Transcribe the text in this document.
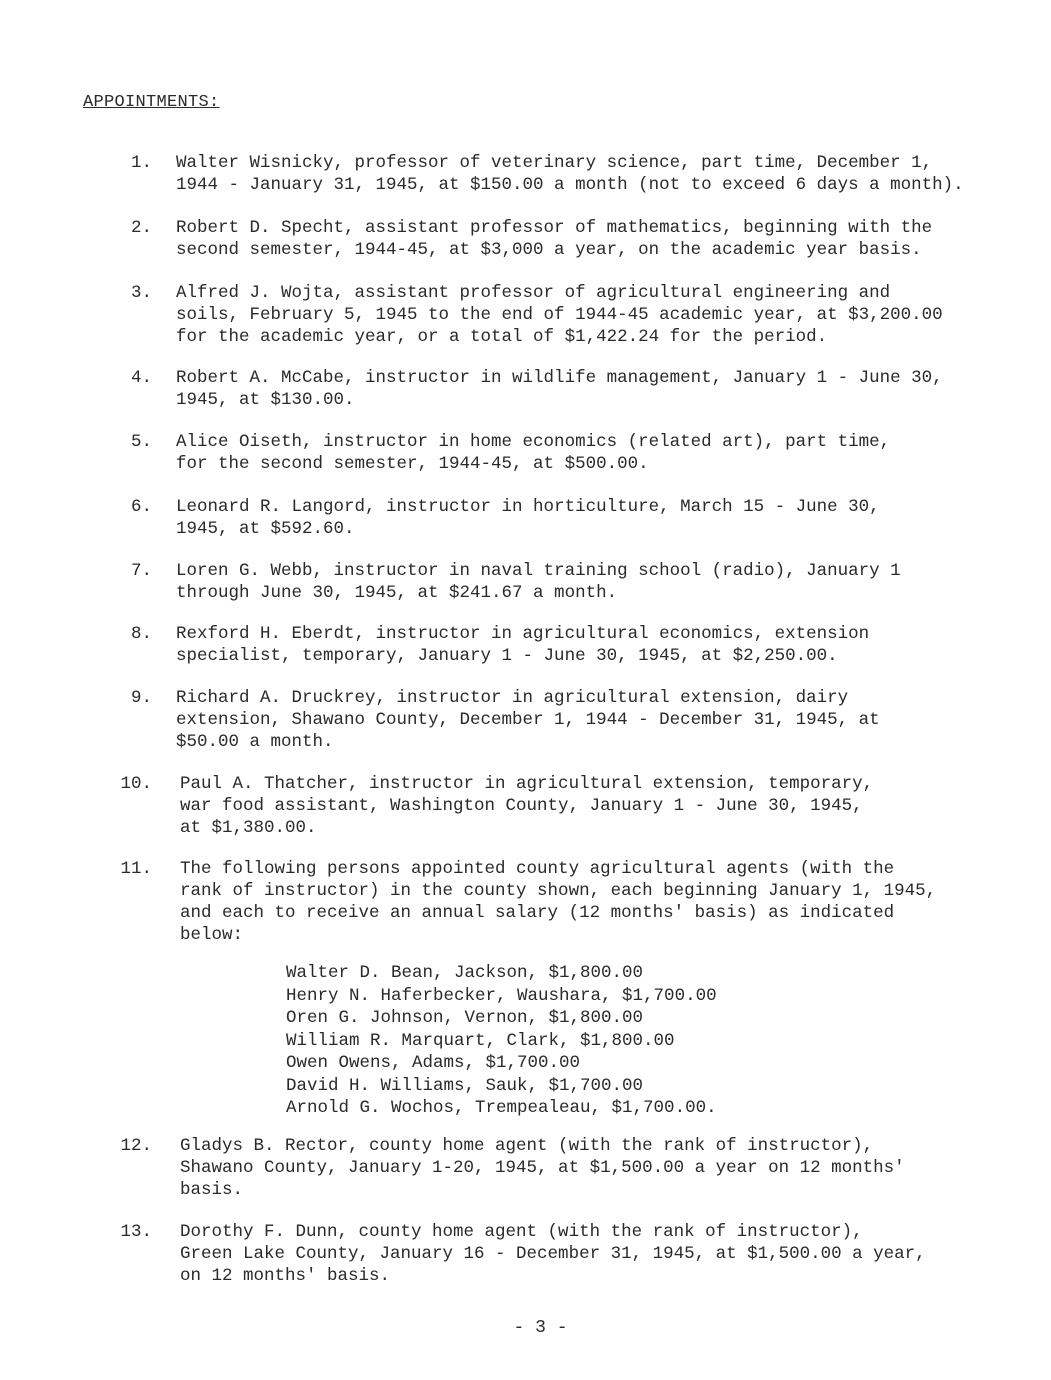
APPOINTMENTS:
1. Walter Wisnicky, professor of veterinary science, part time, December 1,
1944 - January 31, 1945, at $150.00 a month (not to exceed 6 days a month).
2. Robert D. Specht, assistant professor of mathematics, beginning with the
second semester, 1944-45, at $3,000 a year, on the academic year basis.
3. Alfred J. Wojta, assistant professor of agricultural engineering and
soils, February 5, 1945 to the end of 1944-45 academic year, at $3,200.00
for the academic year, or a total of $1,422.24 for the period.
4. Robert A. McCabe, instructor in wildlife management, January 1 - June 30,
1945, at $130.00.
5. Alice Oiseth, instructor in home economics (related art), part time,
for the second semester, 1944-45, at $500.00.
6. Leonard R. Langord, instructor in horticulture, March 15 - June 30,
1945, at $592.60.
7. Loren G. Webb, instructor in naval training school (radio), January 1
through June 30, 1945, at $241.67 a month.
8. Rexford H. Eberdt, instructor in agricultural economics, extension
specialist, temporary, January 1 - June 30, 1945, at $2,250.00.
9. Richard A. Druckrey, instructor in agricultural extension, dairy
extension, Shawano County, December 1, 1944 - December 31, 1945, at
$50.00 a month.
10. Paul A. Thatcher, instructor in agricultural extension, temporary,
war food assistant, Washington County, January 1 - June 30, 1945,
at $1,380.00.
11. The following persons appointed county agricultural agents (with the
rank of instructor) in the county shown, each beginning January 1, 1945,
and each to receive an annual salary (12 months' basis) as indicated
below:
Walter D. Bean, Jackson, $1,800.00
Henry N. Haferbecker, Waushara, $1,700.00
Oren G. Johnson, Vernon, $1,800.00
William R. Marquart, Clark, $1,800.00
Owen Owens, Adams, $1,700.00
David H. Williams, Sauk, $1,700.00
Arnold G. Wochos, Trempealeau, $1,700.00.
12. Gladys B. Rector, county home agent (with the rank of instructor),
Shawano County, January 1-20, 1945, at $1,500.00 a year on 12 months'
basis.
13. Dorothy F. Dunn, county home agent (with the rank of instructor),
Green Lake County, January 16 - December 31, 1945, at $1,500.00 a year,
on 12 months' basis.
- 3 -
